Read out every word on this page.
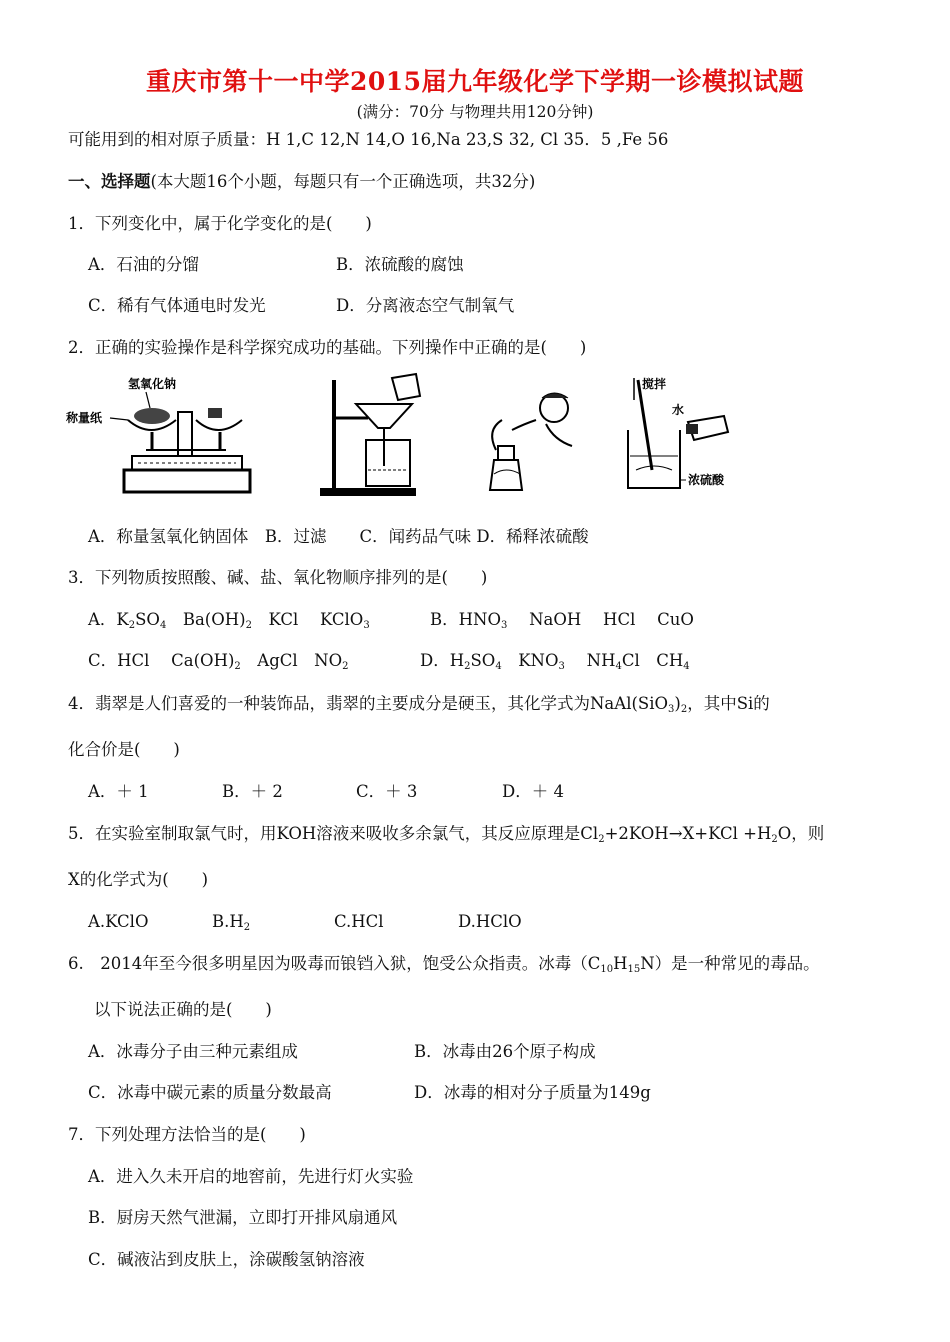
重庆市第十一中学2015届九年级化学下学期一诊模拟试题
(满分：70分 与物理共用120分钟)
可能用到的相对原子质量：H 1,C 12,N 14,O 16,Na 23,S 32, Cl 35．5 ,Fe 56
一、选择题(本大题16个小题，每题只有一个正确选项，共32分)
1．下列变化中，属于化学变化的是(　　)
A．石油的分馏	B．浓硫酸的腐蚀
C．稀有气体通电时发光	D．分离液态空气制氧气
2．正确的实验操作是科学探究成功的基础。下列操作中正确的是(　　)
氢氧化钠
称量纸
搅拌
水
浓硫酸
A．称量氢氧化钠固体　B．过滤　　C．闻药品气味 D．稀释浓硫酸
3．下列物质按照酸、碱、盐、氧化物顺序排列的是(　　)
A．$K_2SO_4$　$Ba(OH)_2$　KCl　 KClO$_3$	B．$HNO_3$　 NaOH　 HCl　 CuO
C．HCl　 $Ca(OH)_2$　AgCl　$NO_2$	D．$H_2SO_4$　$KNO_3$　 $NH_4Cl$　$CH_4$
4．翡翠是人们喜爱的一种装饰品，翡翠的主要成分是硬玉，其化学式为$NaAl(SiO_3)_2$，其中Si的
化合价是(　　)
A．＋ 1	B．＋ 2	C．＋ 3	D．＋ 4
5．在实验室制取氯气时，用KOH溶液来吸收多余氯气，其反应原理是$Cl_2+2KOH\to X+KCl +H_2O$，则
X的化学式为(　　)
A.KClO	$B.H_2$	C.HCl	D.HClO
6.　2014年至今很多明星因为吸毒而锒铛入狱，饱受公众指责。冰毒$(C_{10}H_{15}N)$是一种常见的毒品。
以下说法正确的是(　　)
A．冰毒分子由三种元素组成	B．冰毒由26个原子构成
C．冰毒中碳元素的质量分数最高	D．冰毒的相对分子质量为149g
7．下列处理方法恰当的是(　　)
A．进入久未开启的地窖前，先进行灯火实验
B．厨房天然气泄漏，立即打开排风扇通风
C．碱液沾到皮肤上，涂碳酸氢钠溶液
